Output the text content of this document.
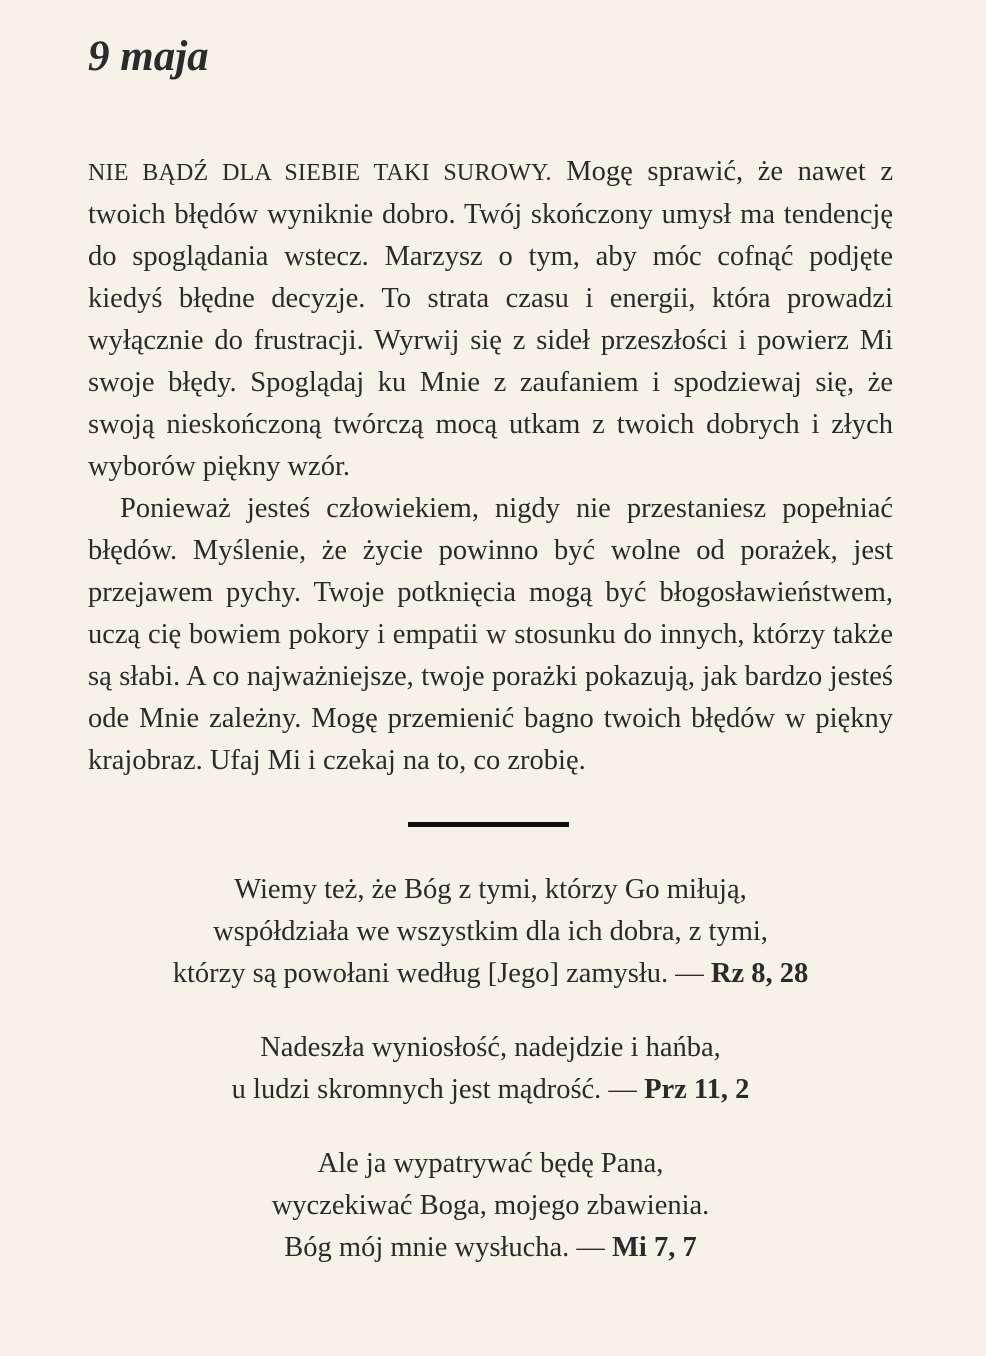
9 maja

NIE BĄDŹ DLA SIEBIE TAKI SUROWY. Mogę sprawić, że nawet z twoich błędów wyniknie dobro. Twój skończony umysł ma tendencję do spoglądania wstecz. Marzysz o tym, aby móc cofnąć podjęte kiedyś błędne decyzje. To strata czasu i energii, która prowadzi wyłącznie do frustracji. Wyrwij się z sideł przeszłości i powierz Mi swoje błędy. Spoglądaj ku Mnie z zaufaniem i spodziewaj się, że swoją nieskończoną twórczą mocą utkam z twoich dobrych i złych wyborów piękny wzór.

Ponieważ jesteś człowiekiem, nigdy nie przestaniesz popełniać błędów. Myślenie, że życie powinno być wolne od porażek, jest przejawem pychy. Twoje potknięcia mogą być błogosławieństwem, uczą cię bowiem pokory i empatii w stosunku do innych, którzy także są słabi. A co najważniejsze, twoje porażki pokazują, jak bardzo jesteś ode Mnie zależny. Mogę przemienić bagno twoich błędów w piękny krajobraz. Ufaj Mi i czekaj na to, co zrobię.

Wiemy też, że Bóg z tymi, którzy Go miłują,
współdziała we wszystkim dla ich dobra, z tymi,
którzy są powołani według [Jego] zamysłu. — Rz 8, 28

Nadeszła wyniosłość, nadejdzie i hańba,
u ludzi skromnych jest mądrość. — Prz 11, 2

Ale ja wypatrywać będę Pana,
wyczekiwać Boga, mojego zbawienia.
Bóg mój mnie wysłucha. — Mi 7, 7
